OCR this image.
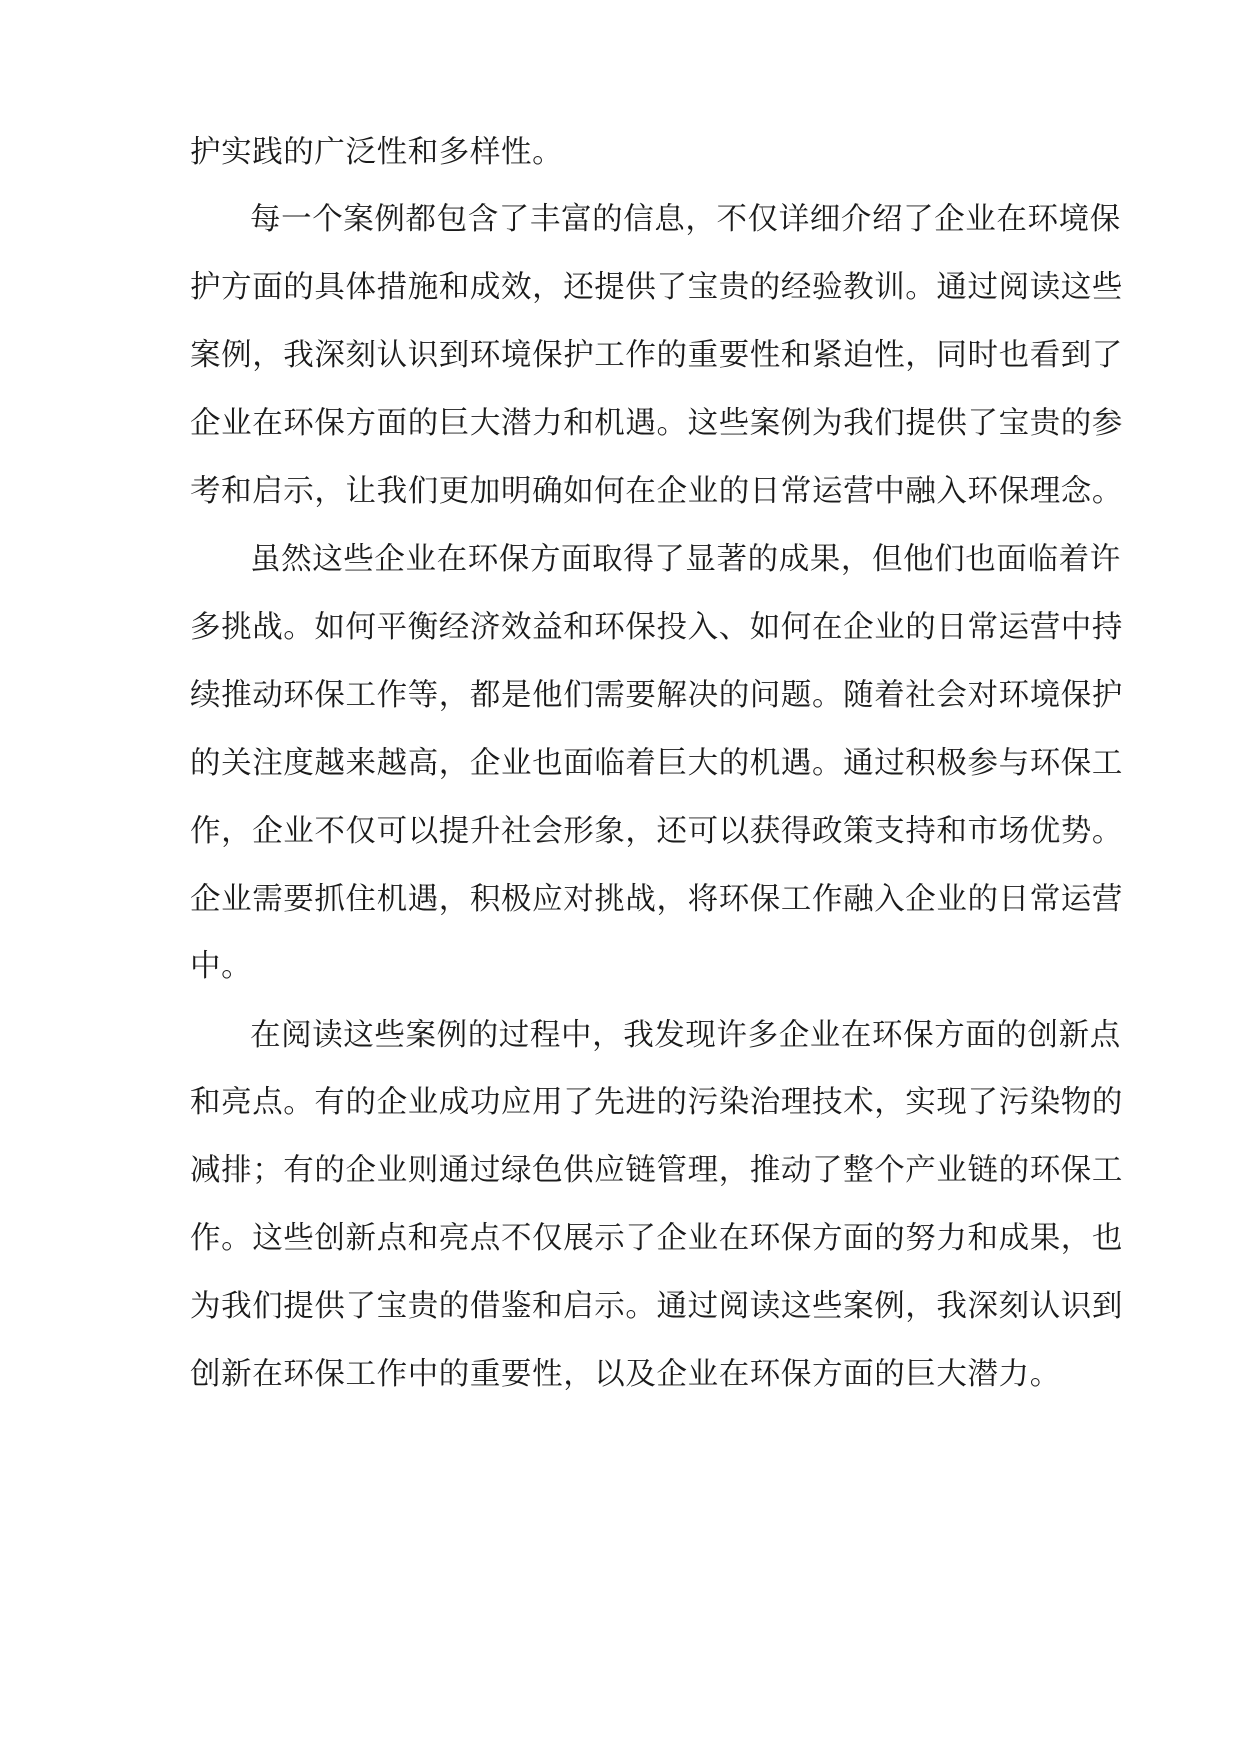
护实践的广泛性和多样性。
每一个案例都包含了丰富的信息，不仅详细介绍了企业在环境保
护方面的具体措施和成效，还提供了宝贵的经验教训。通过阅读这些
案例，我深刻认识到环境保护工作的重要性和紧迫性，同时也看到了
企业在环保方面的巨大潜力和机遇。这些案例为我们提供了宝贵的参
考和启示，让我们更加明确如何在企业的日常运营中融入环保理念。
虽然这些企业在环保方面取得了显著的成果，但他们也面临着许
多挑战。如何平衡经济效益和环保投入、如何在企业的日常运营中持
续推动环保工作等，都是他们需要解决的问题。随着社会对环境保护
的关注度越来越高，企业也面临着巨大的机遇。通过积极参与环保工
作，企业不仅可以提升社会形象，还可以获得政策支持和市场优势。
企业需要抓住机遇，积极应对挑战，将环保工作融入企业的日常运营
中。
在阅读这些案例的过程中，我发现许多企业在环保方面的创新点
和亮点。有的企业成功应用了先进的污染治理技术，实现了污染物的
减排；有的企业则通过绿色供应链管理，推动了整个产业链的环保工
作。这些创新点和亮点不仅展示了企业在环保方面的努力和成果，也
为我们提供了宝贵的借鉴和启示。通过阅读这些案例，我深刻认识到
创新在环保工作中的重要性，以及企业在环保方面的巨大潜力。
